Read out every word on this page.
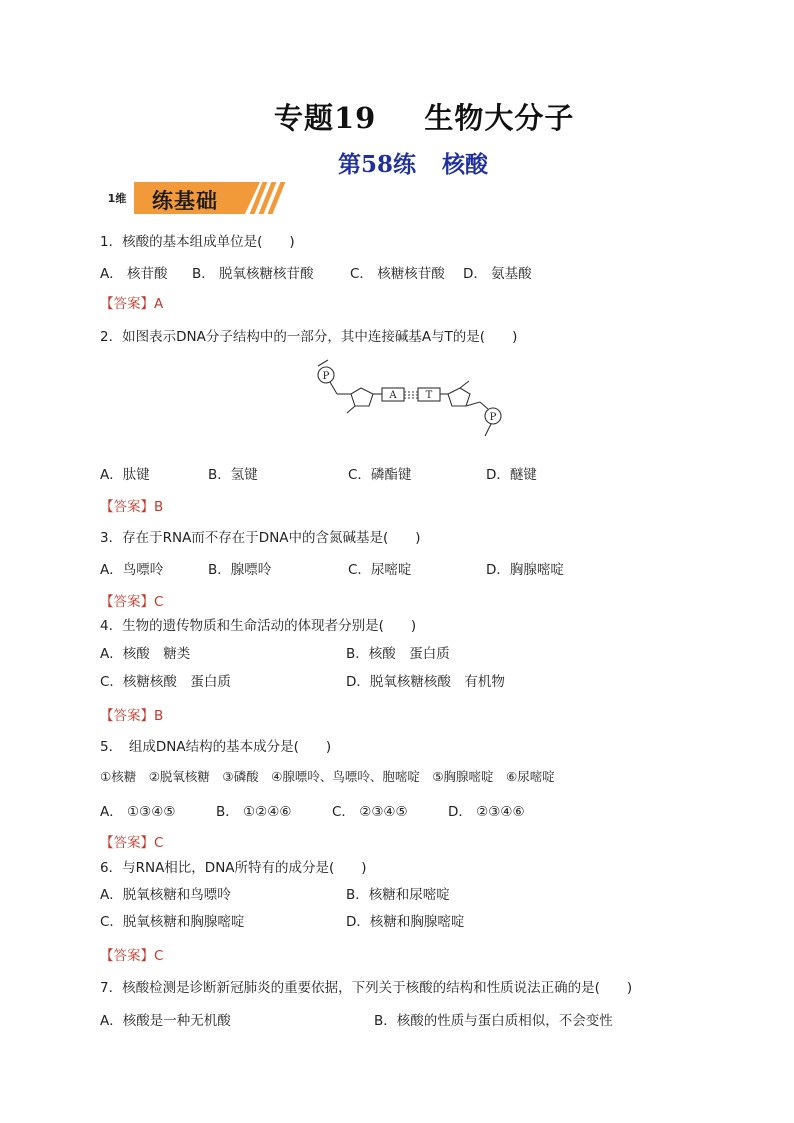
专题19 生物大分子
第58练 核酸
1维	练基础
1．核酸的基本组成单位是(　　)
A． 核苷酸 B． 脱氧核糖核苷酸	C． 核糖核苷酸 D． 氨基酸
【答案】A
2．如图表示DNA分子结构中的一部分，其中连接碱基A与T的是(　　)
P
A	T
P
A．肽键	B．氢键	C．磷酯键	D．醚键
【答案】B
3．存在于RNA而不存在于DNA中的含氮碱基是(　　)
A．鸟嘌呤	B．腺嘌呤	C．尿嘧啶	D．胸腺嘧啶
【答案】C
4．生物的遗传物质和生命活动的体现者分别是(　　)
A．核酸　糖类	B．核酸　蛋白质
C．核糖核酸　蛋白质	D．脱氧核糖核酸　有机物
【答案】B
5．　组成DNA结构的基本成分是(　　)
①核糖　②脱氧核糖　③磷酸　④腺嘌呤、鸟嘌呤、胞嘧啶　⑤胸腺嘧啶　⑥尿嘧啶
A． ①③④⑤	B． ①②④⑥	C． ②③④⑤	D． ②③④⑥
【答案】C
6．与RNA相比，DNA所特有的成分是(　　)
A．脱氧核糖和鸟嘌呤	B．核糖和尿嘧啶
C．脱氧核糖和胸腺嘧啶	D．核糖和胸腺嘧啶
【答案】C
7．核酸检测是诊断新冠肺炎的重要依据，下列关于核酸的结构和性质说法正确的是(　　)
A．核酸是一种无机酸	B．核酸的性质与蛋白质相似，不会变性
